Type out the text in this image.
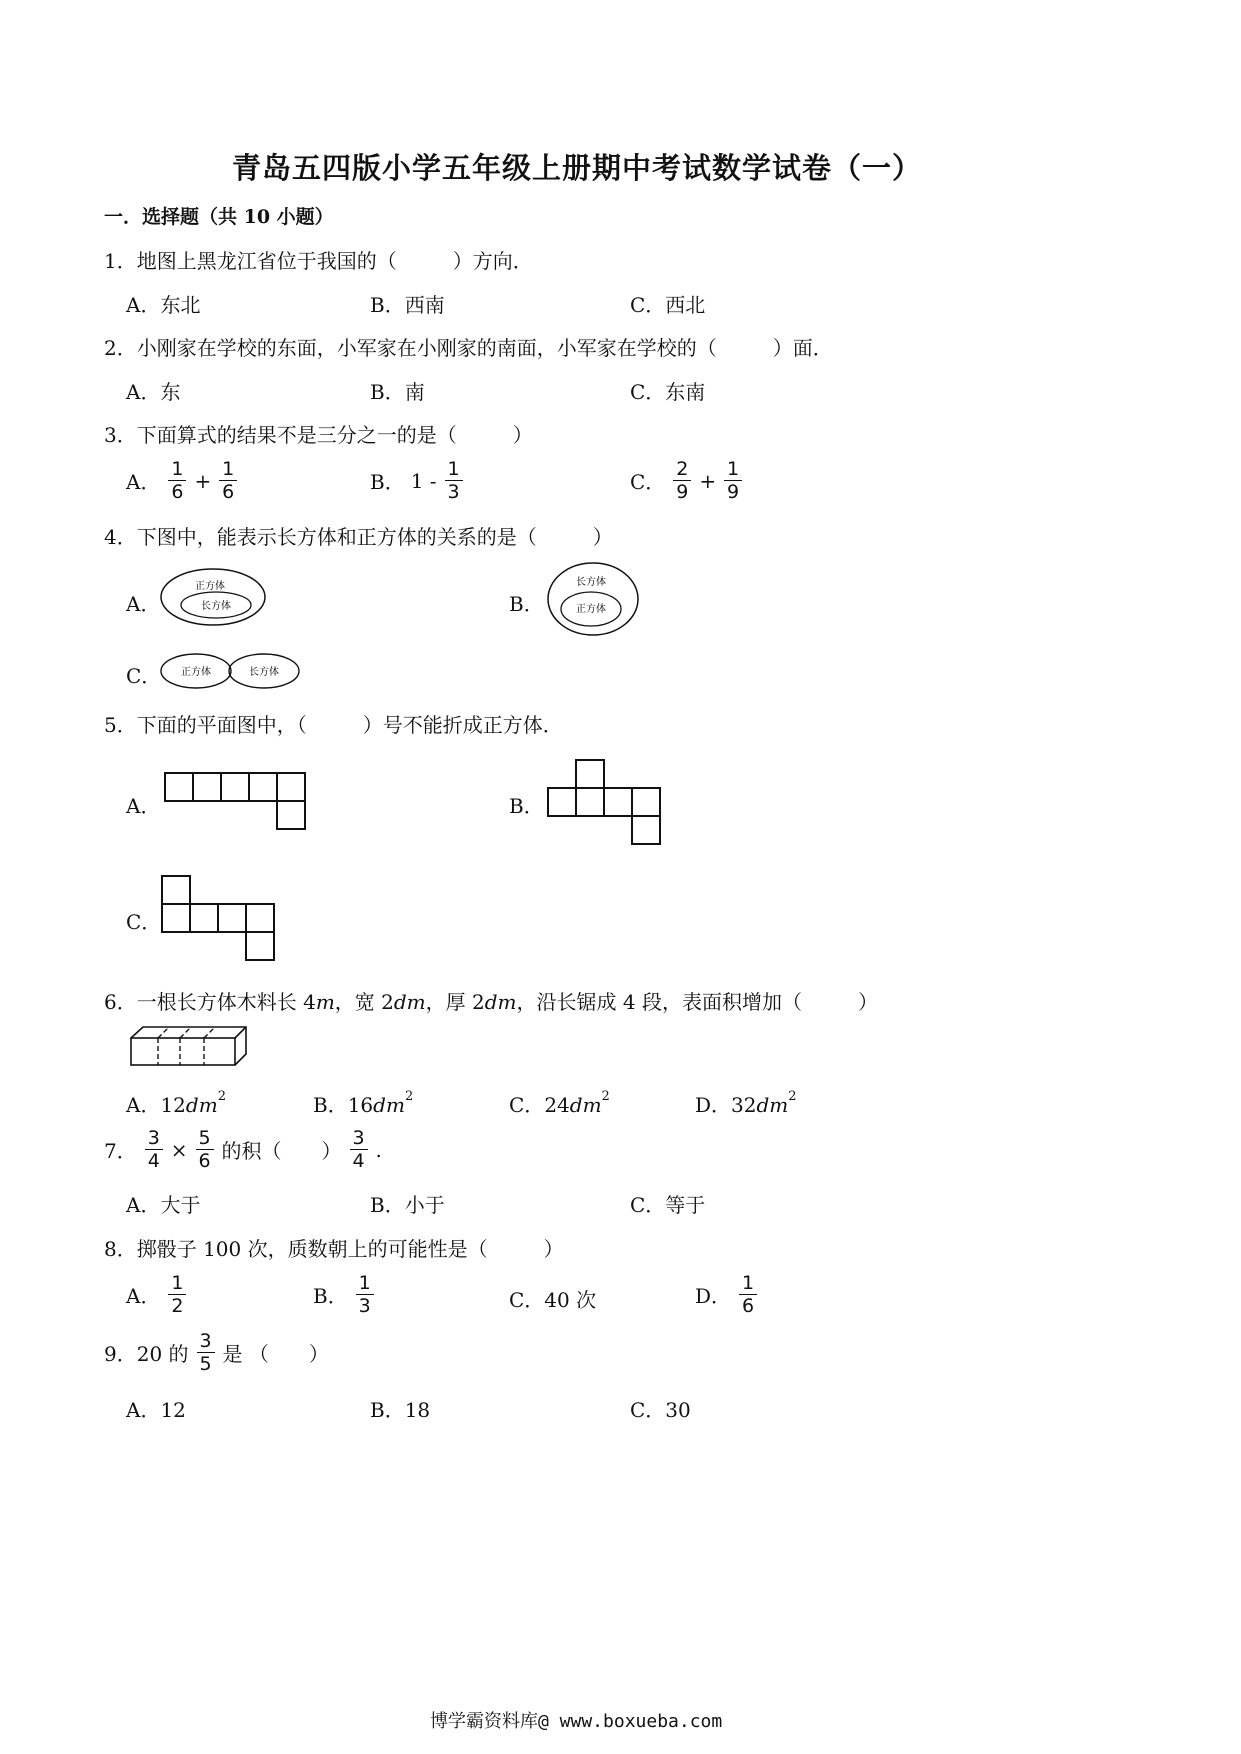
青岛五四版小学五年级上册期中考试数学试卷（一）
一．选择题（共 10 小题）
1．地图上黑龙江省位于我国的（	）方向．
A．东北	B．西南	C．西北
2．小刚家在学校的东面，小军家在小刚家的南面，小军家在学校的（	）面．
A．东	B．南	C．东南
3．下面算式的结果不是三分之一的是（	）
A． $\frac{1}{6} + \frac{1}{6}$	B． $1 - \frac{1}{3}$	C． $\frac{2}{9} + \frac{1}{9}$
4．下图中，能表示长方体和正方体的关系的是（	）
A．
正方体
长方体	B．
长方体
正方体
C． 正方体	长方体
5．下面的平面图中，（	）号不能折成正方体．
A．	B．
C．
6．一根长方体木料长 4m，宽 2dm，厚 2dm，沿长锯成 4 段，表面积增加（	）
A．$12dm^2$	B．$16dm^2$	C．$24dm^2$	D．$32dm^2$
7． $\frac{3}{4} \times \frac{5}{6}$ 的积（ ） $\frac{3}{4}$ .
A．大于	B．小于	C．等于
8．掷骰子 100 次，质数朝上的可能性是（	）
A． $\frac{1}{2}$	B． $\frac{1}{3}$	C．40 次	D． $\frac{1}{6}$
9．20 的 $\frac{3}{5}$ 是 （ ）
A．12	B．18	C．30
博学霸资料库@ www.boxueba.com
